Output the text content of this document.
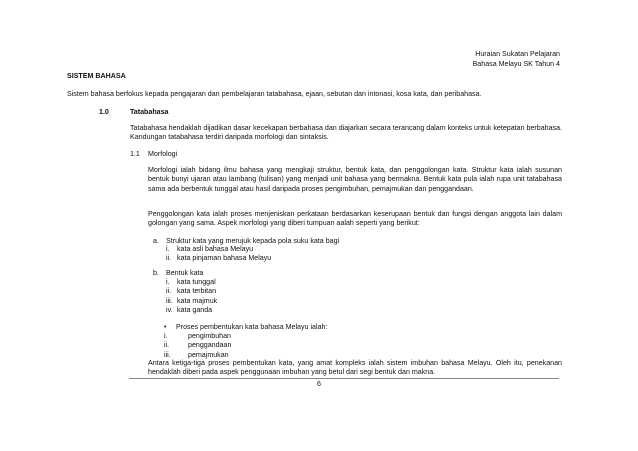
Huraian Sukatan Pelajaran
Bahasa Melayu SK Tahun 4
SISTEM BAHASA
Sistem bahasa berfokus kepada pengajaran dan pembelajaran tatabahasa, ejaan, sebutan dan intonasi, kosa kata, dan peribahasa.
1.0	Tatabahasa
Tatabahasa hendaklah dijadikan dasar kecekapan berbahasa dan diajarkan secara terancang dalam konteks untuk ketepatan berbahasa. Kandungan tatabahasa terdiri daripada morfologi dan sintaksis.
1.1 Morfologi
Morfologi ialah bidang ilmu bahasa yang mengkaji struktur, bentuk kata, dan penggolongan kata. Struktur kata ialah susunan bentuk bunyi ujaran atau lambang (tulisan) yang menjadi unit bahasa yang bermakna. Bentuk kata pula ialah rupa unit tatabahasa sama ada berbentuk tunggal atau hasil daripada proses pengimbuhan, pemajmukan dan penggandaan.
Penggolongan kata ialah proses menjeniskan perkataan berdasarkan keserupaan bentuk dan fungsi dengan anggota lain dalam golongan yang sama. Aspek morfologi yang diberi tumpuan aalah seperti yang berikut:
a. Struktur kata yang merujuk kepada pola suku kata bagi
i.	kata asli bahasa Melayu
ii. kata pinjaman bahasa Melayu
b. Bentuk kata
i.	kata tunggal
ii. kata terbitan
iii. kata majmuk
iv. kata ganda
• Proses pembentukan kata bahasa Melayu ialah:
i.	pengimbuhan
ii.	penggandaan
iii.	pemajmukan
Antara ketiga-tiga proses pembentukan kata, yang amat kompleks ialah sistem imbuhan bahasa Melayu. Oleh itu, penekanan hendaklah diberi pada aspek penggunaan imbuhan yang betul dari segi bentuk dan makna.
6
